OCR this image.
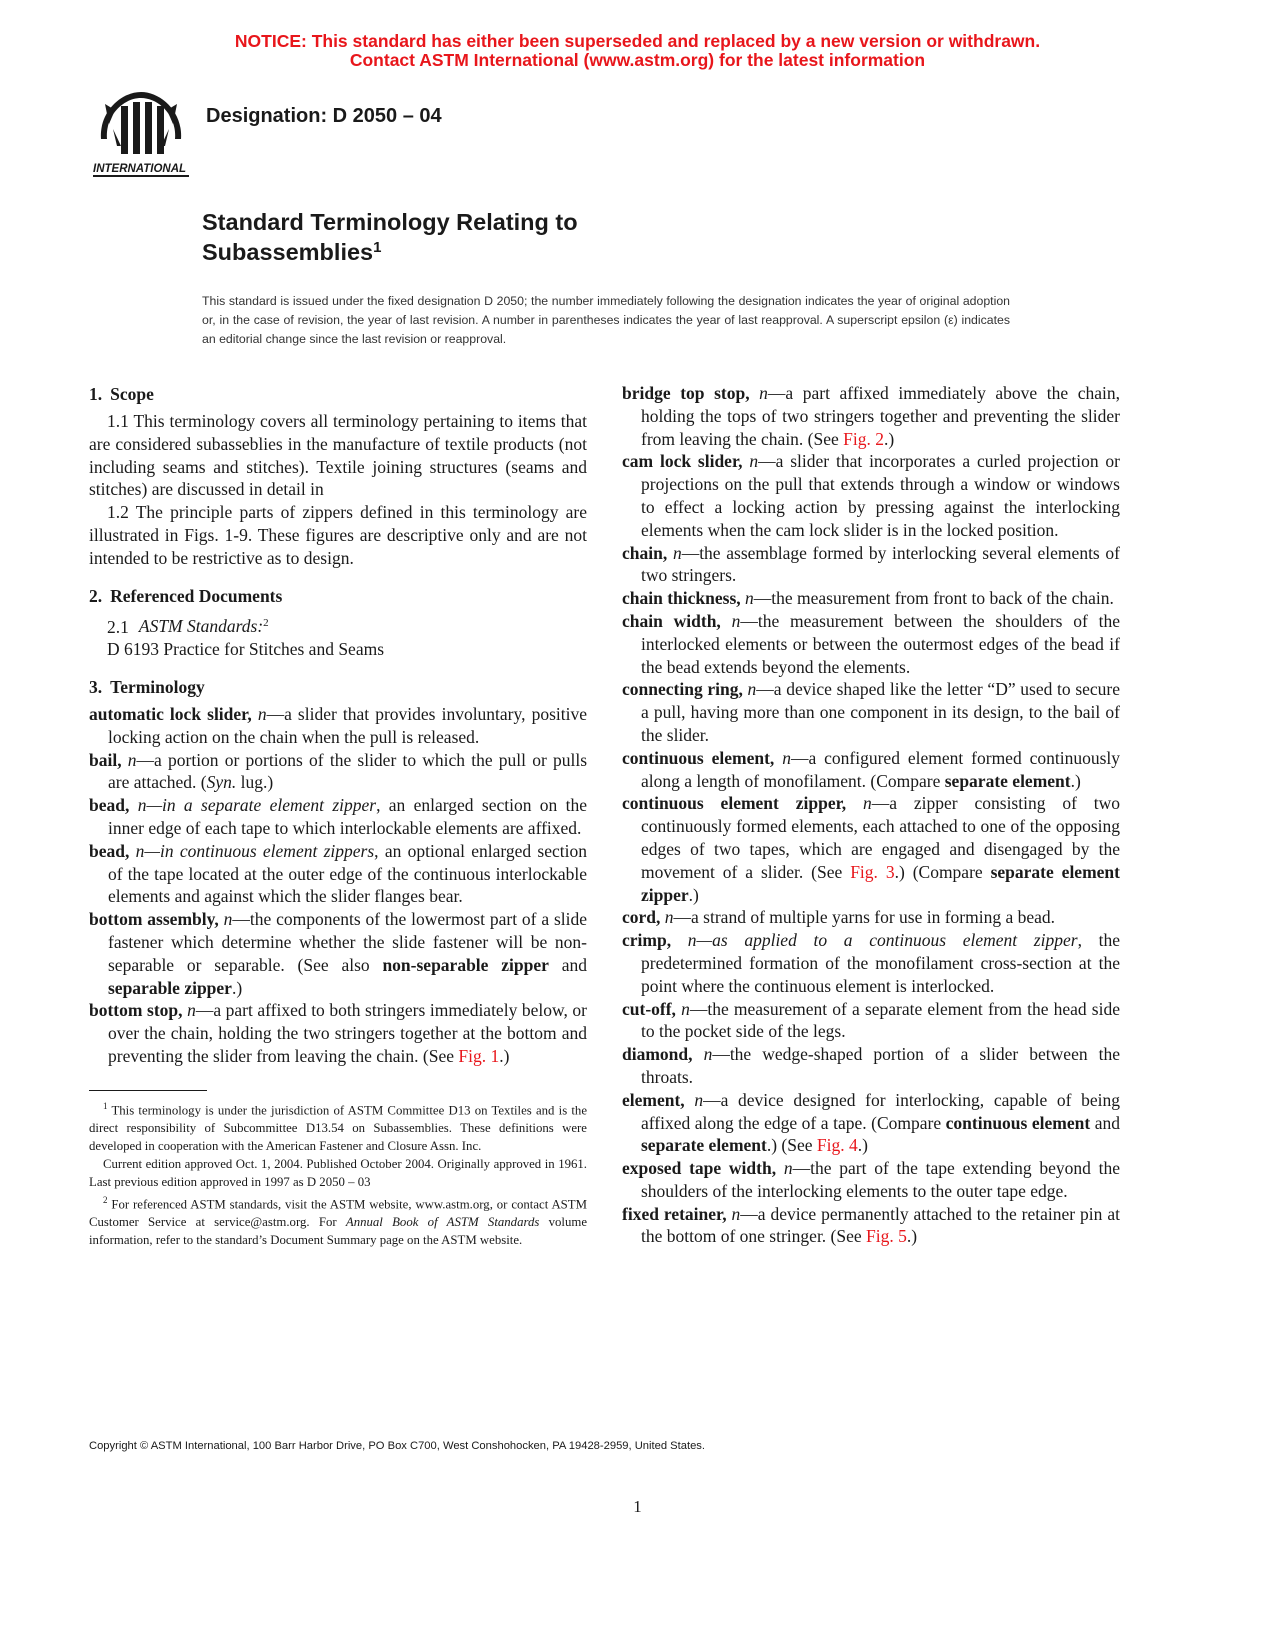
NOTICE: This standard has either been superseded and replaced by a new version or withdrawn.
Contact ASTM International (www.astm.org) for the latest information
INTERNATIONAL
Designation: D 2050 – 04
Standard Terminology Relating to
Subassemblies$^1$
This standard is issued under the fixed designation D 2050; the number immediately following the designation indicates the year of original adoption or, in the case of revision, the year of last revision. A number in parentheses indicates the year of last reapproval. A superscript epsilon (ε) indicates an editorial change since the last revision or reapproval.
1. Scope

1.1 This terminology covers all terminology pertaining to items that are considered subasseblies in the manufacture of textile products (not including seams and stitches). Textile joining structures (seams and stitches) are discussed in detail in

1.2 The principle parts of zippers defined in this terminology are illustrated in Figs. 1-9. These figures are descriptive only and are not intended to be restrictive as to design.

2. Referenced Documents

2.1 ASTM Standards:$^2$

D 6193 Practice for Stitches and Seams

3. Terminology

automatic lock slider, n—a slider that provides involuntary, positive locking action on the chain when the pull is released.

bail, n—a portion or portions of the slider to which the pull or pulls are attached. (Syn. lug.)

bead, n—in a separate element zipper, an enlarged section on the inner edge of each tape to which interlockable elements are affixed.

bead, n—in continuous element zippers, an optional enlarged section of the tape located at the outer edge of the continuous interlockable elements and against which the slider flanges bear.

bottom assembly, n—the components of the lowermost part of a slide fastener which determine whether the slide fastener will be non-separable or separable. (See also non-separable zipper and separable zipper.)

bottom stop, n—a part affixed to both stringers immediately below, or over the chain, holding the two stringers together at the bottom and preventing the slider from leaving the chain. (See Fig. 1.)

$^1$ This terminology is under the jurisdiction of ASTM Committee D13 on Textiles and is the direct responsibility of Subcommittee D13.54 on Subassemblies. These definitions were developed in cooperation with the American Fastener and Closure Assn. Inc.

Current edition approved Oct. 1, 2004. Published October 2004. Originally approved in 1961. Last previous edition approved in 1997 as D 2050 – 03

$^2$ For referenced ASTM standards, visit the ASTM website, www.astm.org, or contact ASTM Customer Service at service@astm.org. For Annual Book of ASTM Standards volume information, refer to the standard’s Document Summary page on the ASTM website.

bridge top stop, n—a part affixed immediately above the chain, holding the tops of two stringers together and preventing the slider from leaving the chain. (See Fig. 2.)

cam lock slider, n—a slider that incorporates a curled projection or projections on the pull that extends through a window or windows to effect a locking action by pressing against the interlocking elements when the cam lock slider is in the locked position.

chain, n—the assemblage formed by interlocking several elements of two stringers.

chain thickness, n—the measurement from front to back of the chain.

chain width, n—the measurement between the shoulders of the interlocked elements or between the outermost edges of the bead if the bead extends beyond the elements.

connecting ring, n—a device shaped like the letter “D” used to secure a pull, having more than one component in its design, to the bail of the slider.

continuous element, n—a configured element formed continuously along a length of monofilament. (Compare separate element.)

continuous element zipper, n—a zipper consisting of two continuously formed elements, each attached to one of the opposing edges of two tapes, which are engaged and disengaged by the movement of a slider. (See Fig. 3.) (Compare separate element zipper.)

cord, n—a strand of multiple yarns for use in forming a bead.

crimp, n—as applied to a continuous element zipper, the predetermined formation of the monofilament cross-section at the point where the continuous element is interlocked.

cut-off, n—the measurement of a separate element from the head side to the pocket side of the legs.

diamond, n—the wedge-shaped portion of a slider between the throats.

element, n—a device designed for interlocking, capable of being affixed along the edge of a tape. (Compare continuous element and separate element.) (See Fig. 4.)

exposed tape width, n—the part of the tape extending beyond the shoulders of the interlocking elements to the outer tape edge.

fixed retainer, n—a device permanently attached to the retainer pin at the bottom of one stringer. (See Fig. 5.)

Copyright © ASTM International, 100 Barr Harbor Drive, PO Box C700, West Conshohocken, PA 19428-2959, United States.
1
